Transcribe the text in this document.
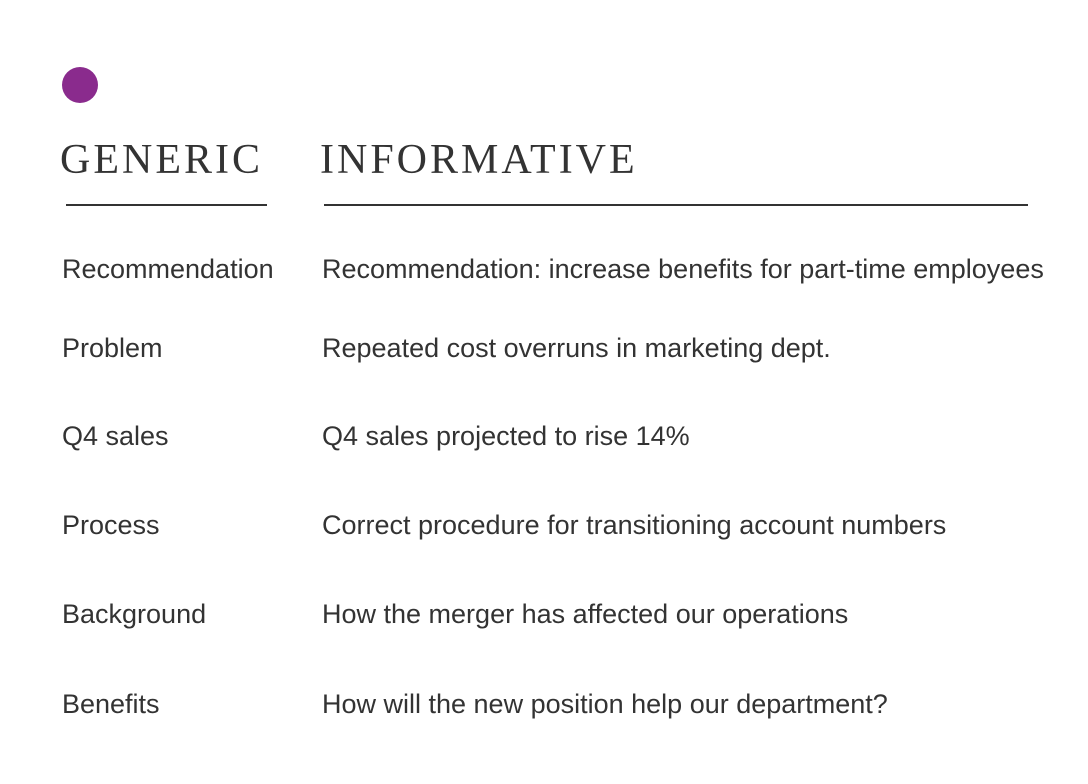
GENERIC INFORMATIVE
Recommendation Recommendation: increase benefits for part-time employees
Problem	Repeated cost overruns in marketing dept.
Q4 sales	Q4 sales projected to rise 14%
Process	Correct procedure for transitioning account numbers
Background	How the merger has affected our operations
Benefits	How will the new position help our department?
